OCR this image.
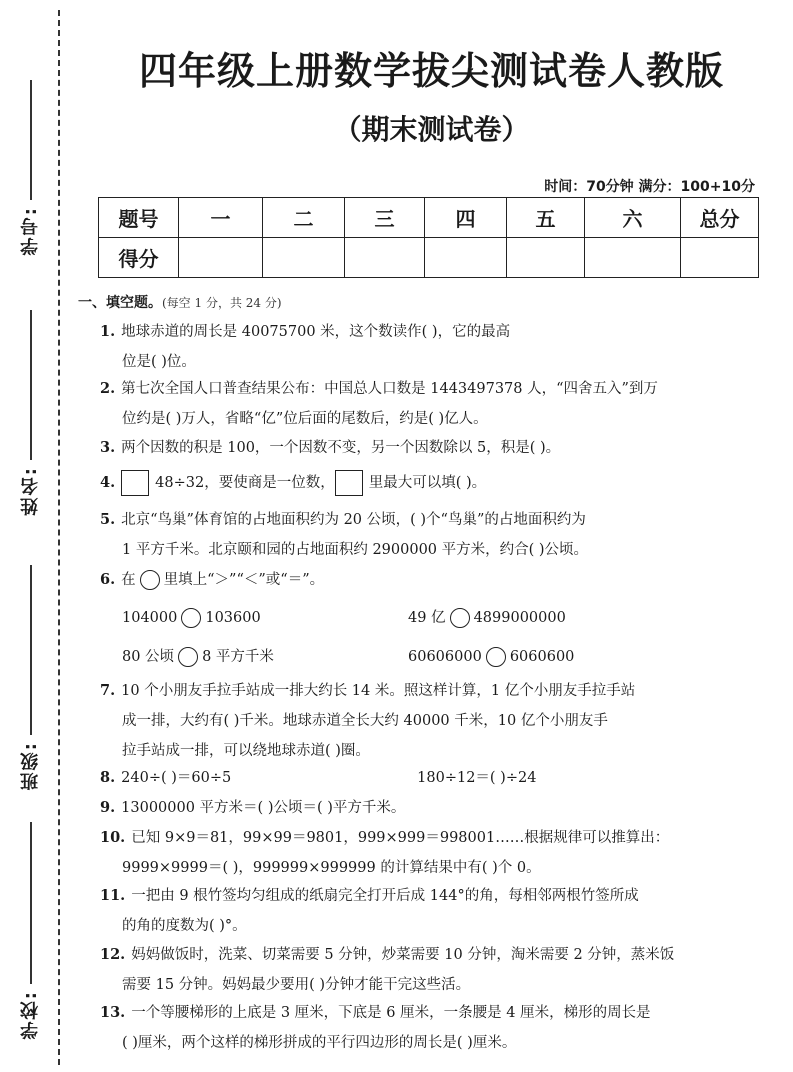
学号:
姓名:
班级:
学校:
四年级上册数学拔尖测试卷人教版
（期末测试卷）
时间：70分钟 满分：100+10分
题号	一	二	三	四	五	六	总分
得分							
一、填空题。(每空 1 分，共 24 分)
1. 地球赤道的周长是 40075700 米，这个数读作( )，它的最高
位是( )位。
2. 第七次全国人口普查结果公布：中国总人口数是 1443497378 人，“四舍五入”到万
位约是( )万人，省略“亿”位后面的尾数后，约是( )亿人。
3. 两个因数的积是 100，一个因数不变，另一个因数除以 5，积是( )。
4.	48÷32，要使商是一位数， 里最大可以填( )。
5. 北京“鸟巢”体育馆的占地面积约为 20 公顷，( )个“鸟巢”的占地面积约为
1 平方千米。北京颐和园的占地面积约 2900000 平方米，约合( )公顷。
6. 在 里填上“＞”“＜”或“＝”。
104000 103600	49 亿 4899000000
80 公顷 8 平方千米	60606000 6060600
7. 10 个小朋友手拉手站成一排大约长 14 米。照这样计算，1 亿个小朋友手拉手站
成一排，大约有( )千米。地球赤道全长大约 40000 千米，10 亿个小朋友手
拉手站成一排，可以绕地球赤道( )圈。
8. 240÷( )＝60÷5	180÷12＝( )÷24
9. 13000000 平方米＝( )公顷＝( )平方千米。
10. 已知 9×9＝81，99×99＝9801，999×999＝998001……根据规律可以推算出：
9999×9999＝( )，999999×999999 的计算结果中有( )个 0。
11. 一把由 9 根竹签均匀组成的纸扇完全打开后成 144°的角，每相邻两根竹签所成
的角的度数为( )°。
12. 妈妈做饭时，洗菜、切菜需要 5 分钟，炒菜需要 10 分钟，淘米需要 2 分钟，蒸米饭
需要 15 分钟。妈妈最少要用( )分钟才能干完这些活。
13. 一个等腰梯形的上底是 3 厘米，下底是 6 厘米，一条腰是 4 厘米，梯形的周长是
( )厘米，两个这样的梯形拼成的平行四边形的周长是( )厘米。
